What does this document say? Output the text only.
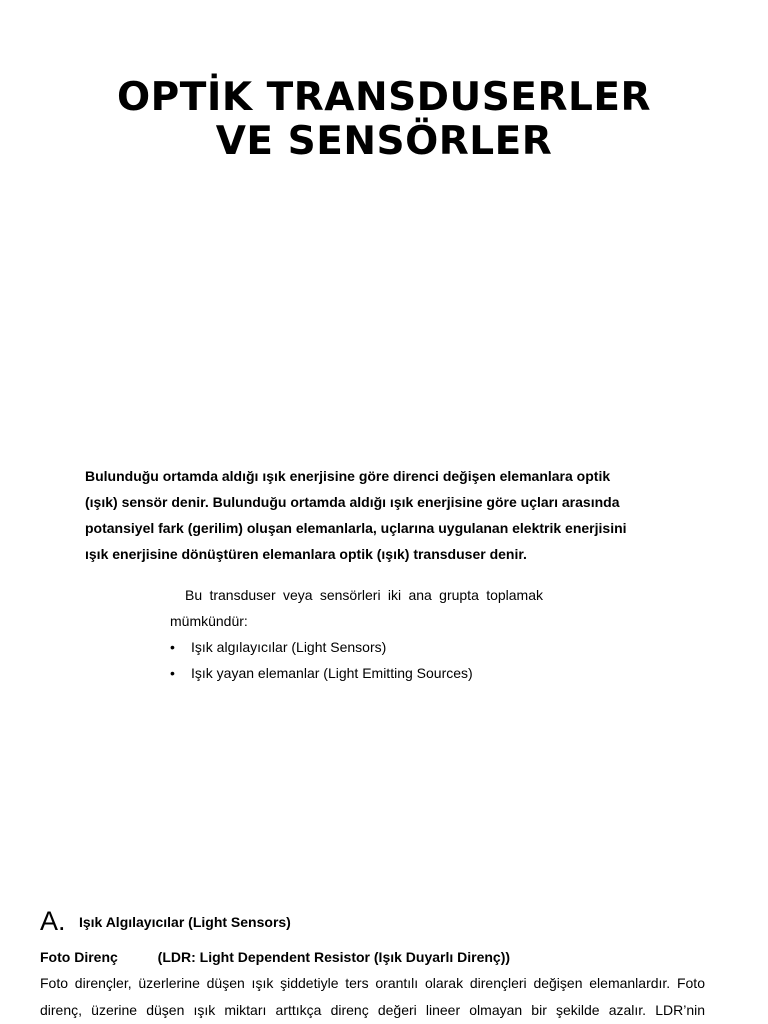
OPTİK TRANSDUSERLER
VE SENSÖRLER

Bulunduğu ortamda aldığı ışık enerjisine göre direnci değişen elemanlara optik
(ışık) sensör denir. Bulunduğu ortamda aldığı ışık enerjisine göre uçları arasında
potansiyel fark (gerilim) oluşan elemanlarla, uçlarına uygulanan elektrik enerjisini
ışık enerjisine dönüştüren elemanlara optik (ışık) transduser denir.

Bu transduser veya sensörleri iki ana grupta toplamak
mümkündür:
• Işık algılayıcılar (Light Sensors)
• Işık yayan elemanlar (Light Emitting Sources)
A. Işık Algılayıcılar (Light Sensors)
Foto Direnç	(LDR: Light Dependent Resistor (Işık Duyarlı Direnç))

Foto dirençler, üzerlerine düşen ışık şiddetiyle ters orantılı olarak dirençleri değişen elemanlardır. Foto
direnç, üzerine düşen ışık miktarı arttıkça direnç değeri lineer olmayan bir şekilde azalır. LDR’nin
